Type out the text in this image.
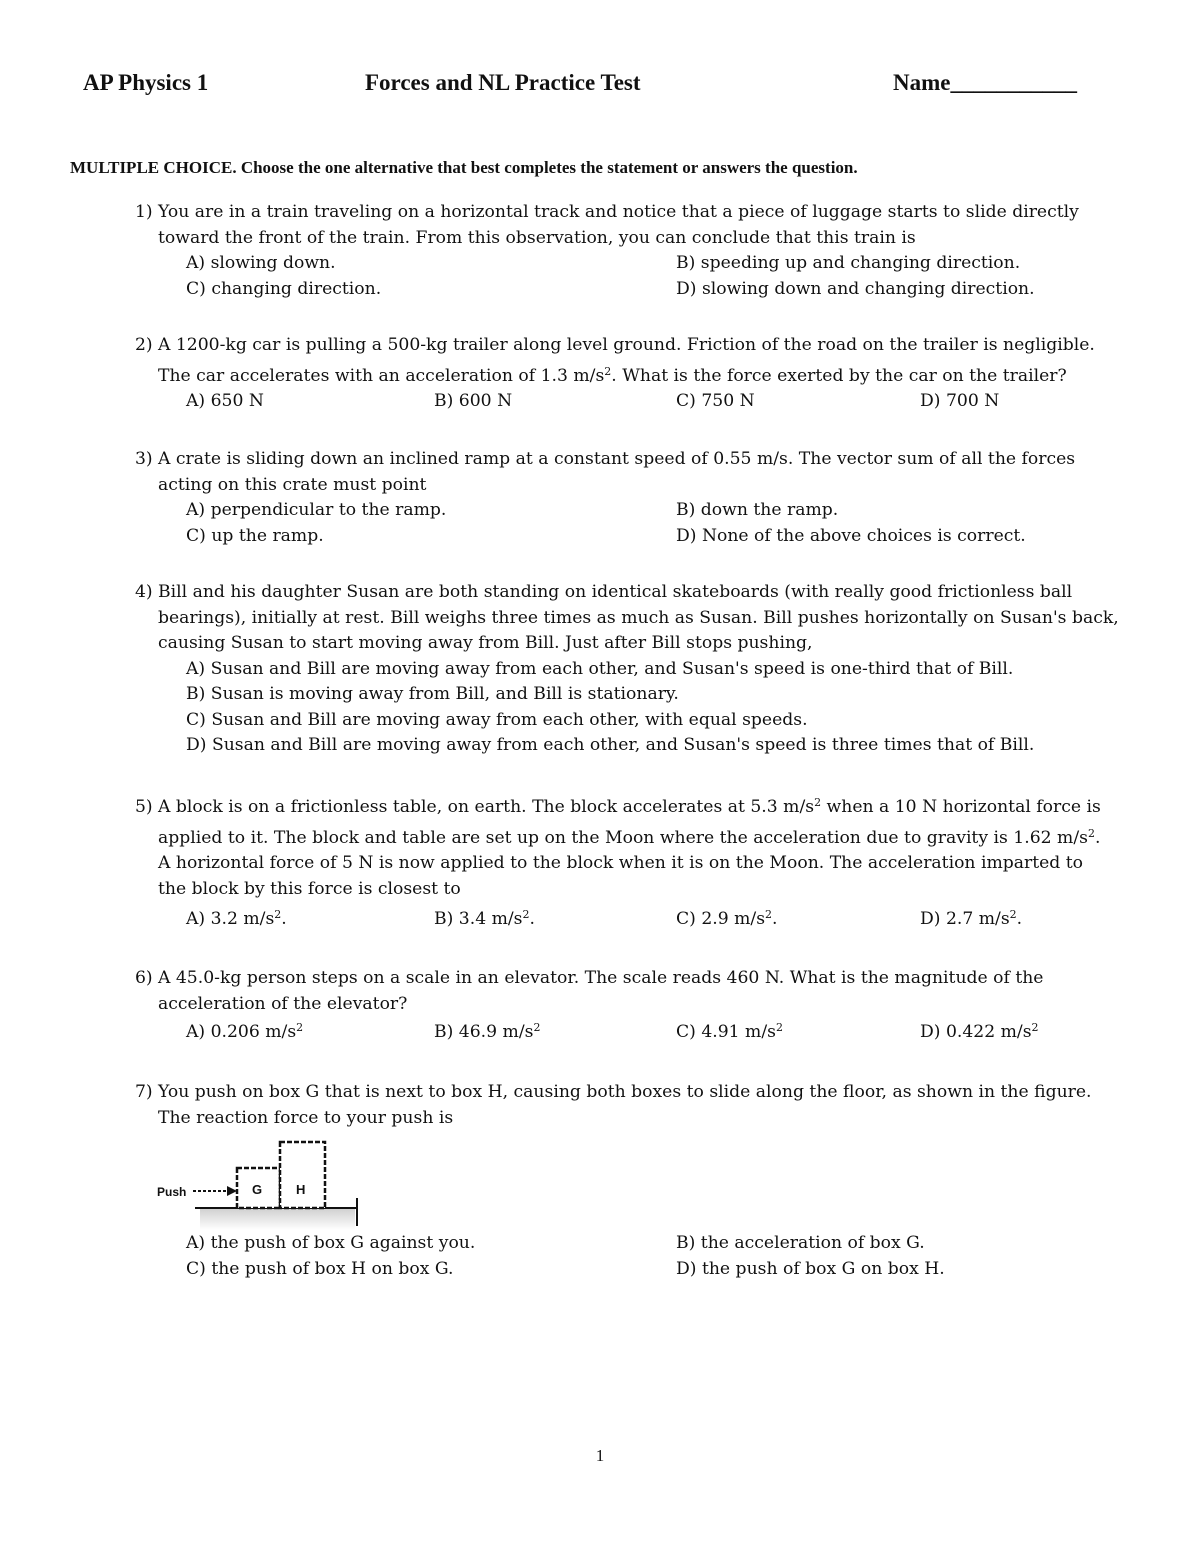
AP Physics 1	Forces and NL Practice Test	Name___________
MULTIPLE CHOICE. Choose the one alternative that best completes the statement or answers the question.

1) You are in a train traveling on a horizontal track and notice that a piece of luggage starts to slide directly
toward the front of the train. From this observation, you can conclude that this train is

A) slowing down.	B) speeding up and changing direction.
C) changing direction.	D) slowing down and changing direction.

2) A 1200-kg car is pulling a 500-kg trailer along level ground. Friction of the road on the trailer is negligible.
The car accelerates with an acceleration of 1.3 $m/s^2$. What is the force exerted by the car on the trailer?

A) 650 N	B) 600 N	C) 750 N	D) 700 N

3) A crate is sliding down an inclined ramp at a constant speed of 0.55 m/s. The vector sum of all the forces
acting on this crate must point

A) perpendicular to the ramp.	B) down the ramp.
C) up the ramp.	D) None of the above choices is correct.

4) Bill and his daughter Susan are both standing on identical skateboards (with really good frictionless ball
bearings), initially at rest. Bill weighs three times as much as Susan. Bill pushes horizontally on Susan's back,
causing Susan to start moving away from Bill. Just after Bill stops pushing,

A) Susan and Bill are moving away from each other, and Susan's speed is one-third that of Bill.
B) Susan is moving away from Bill, and Bill is stationary.
C) Susan and Bill are moving away from each other, with equal speeds.
D) Susan and Bill are moving away from each other, and Susan's speed is three times that of Bill.

5) A block is on a frictionless table, on earth. The block accelerates at 5.3 $m/s^2$ when a 10 N horizontal force is
applied to it. The block and table are set up on the Moon where the acceleration due to gravity is 1.62 $m/s^2$.
A horizontal force of 5 N is now applied to the block when it is on the Moon. The acceleration imparted to
the block by this force is closest to

A) 3.2 $m/s^2$.	B) 3.4 $m/s^2$.	C) 2.9 $m/s^2$.	D) 2.7 $m/s^2$.

6) A 45.0-kg person steps on a scale in an elevator. The scale reads 460 N. What is the magnitude of the
acceleration of the elevator?

A) 0.206 $m/s^2$	B) 46.9 $m/s^2$	C) 4.91 $m/s^2$	D) 0.422 $m/s^2$

7) You push on box G that is next to box H, causing both boxes to slide along the floor, as shown in the figure.
The reaction force to your push is

Push	G	H
A) the push of box G against you.	B) the acceleration of box G.
C) the push of box H on box G.	D) the push of box G on box H.
1
